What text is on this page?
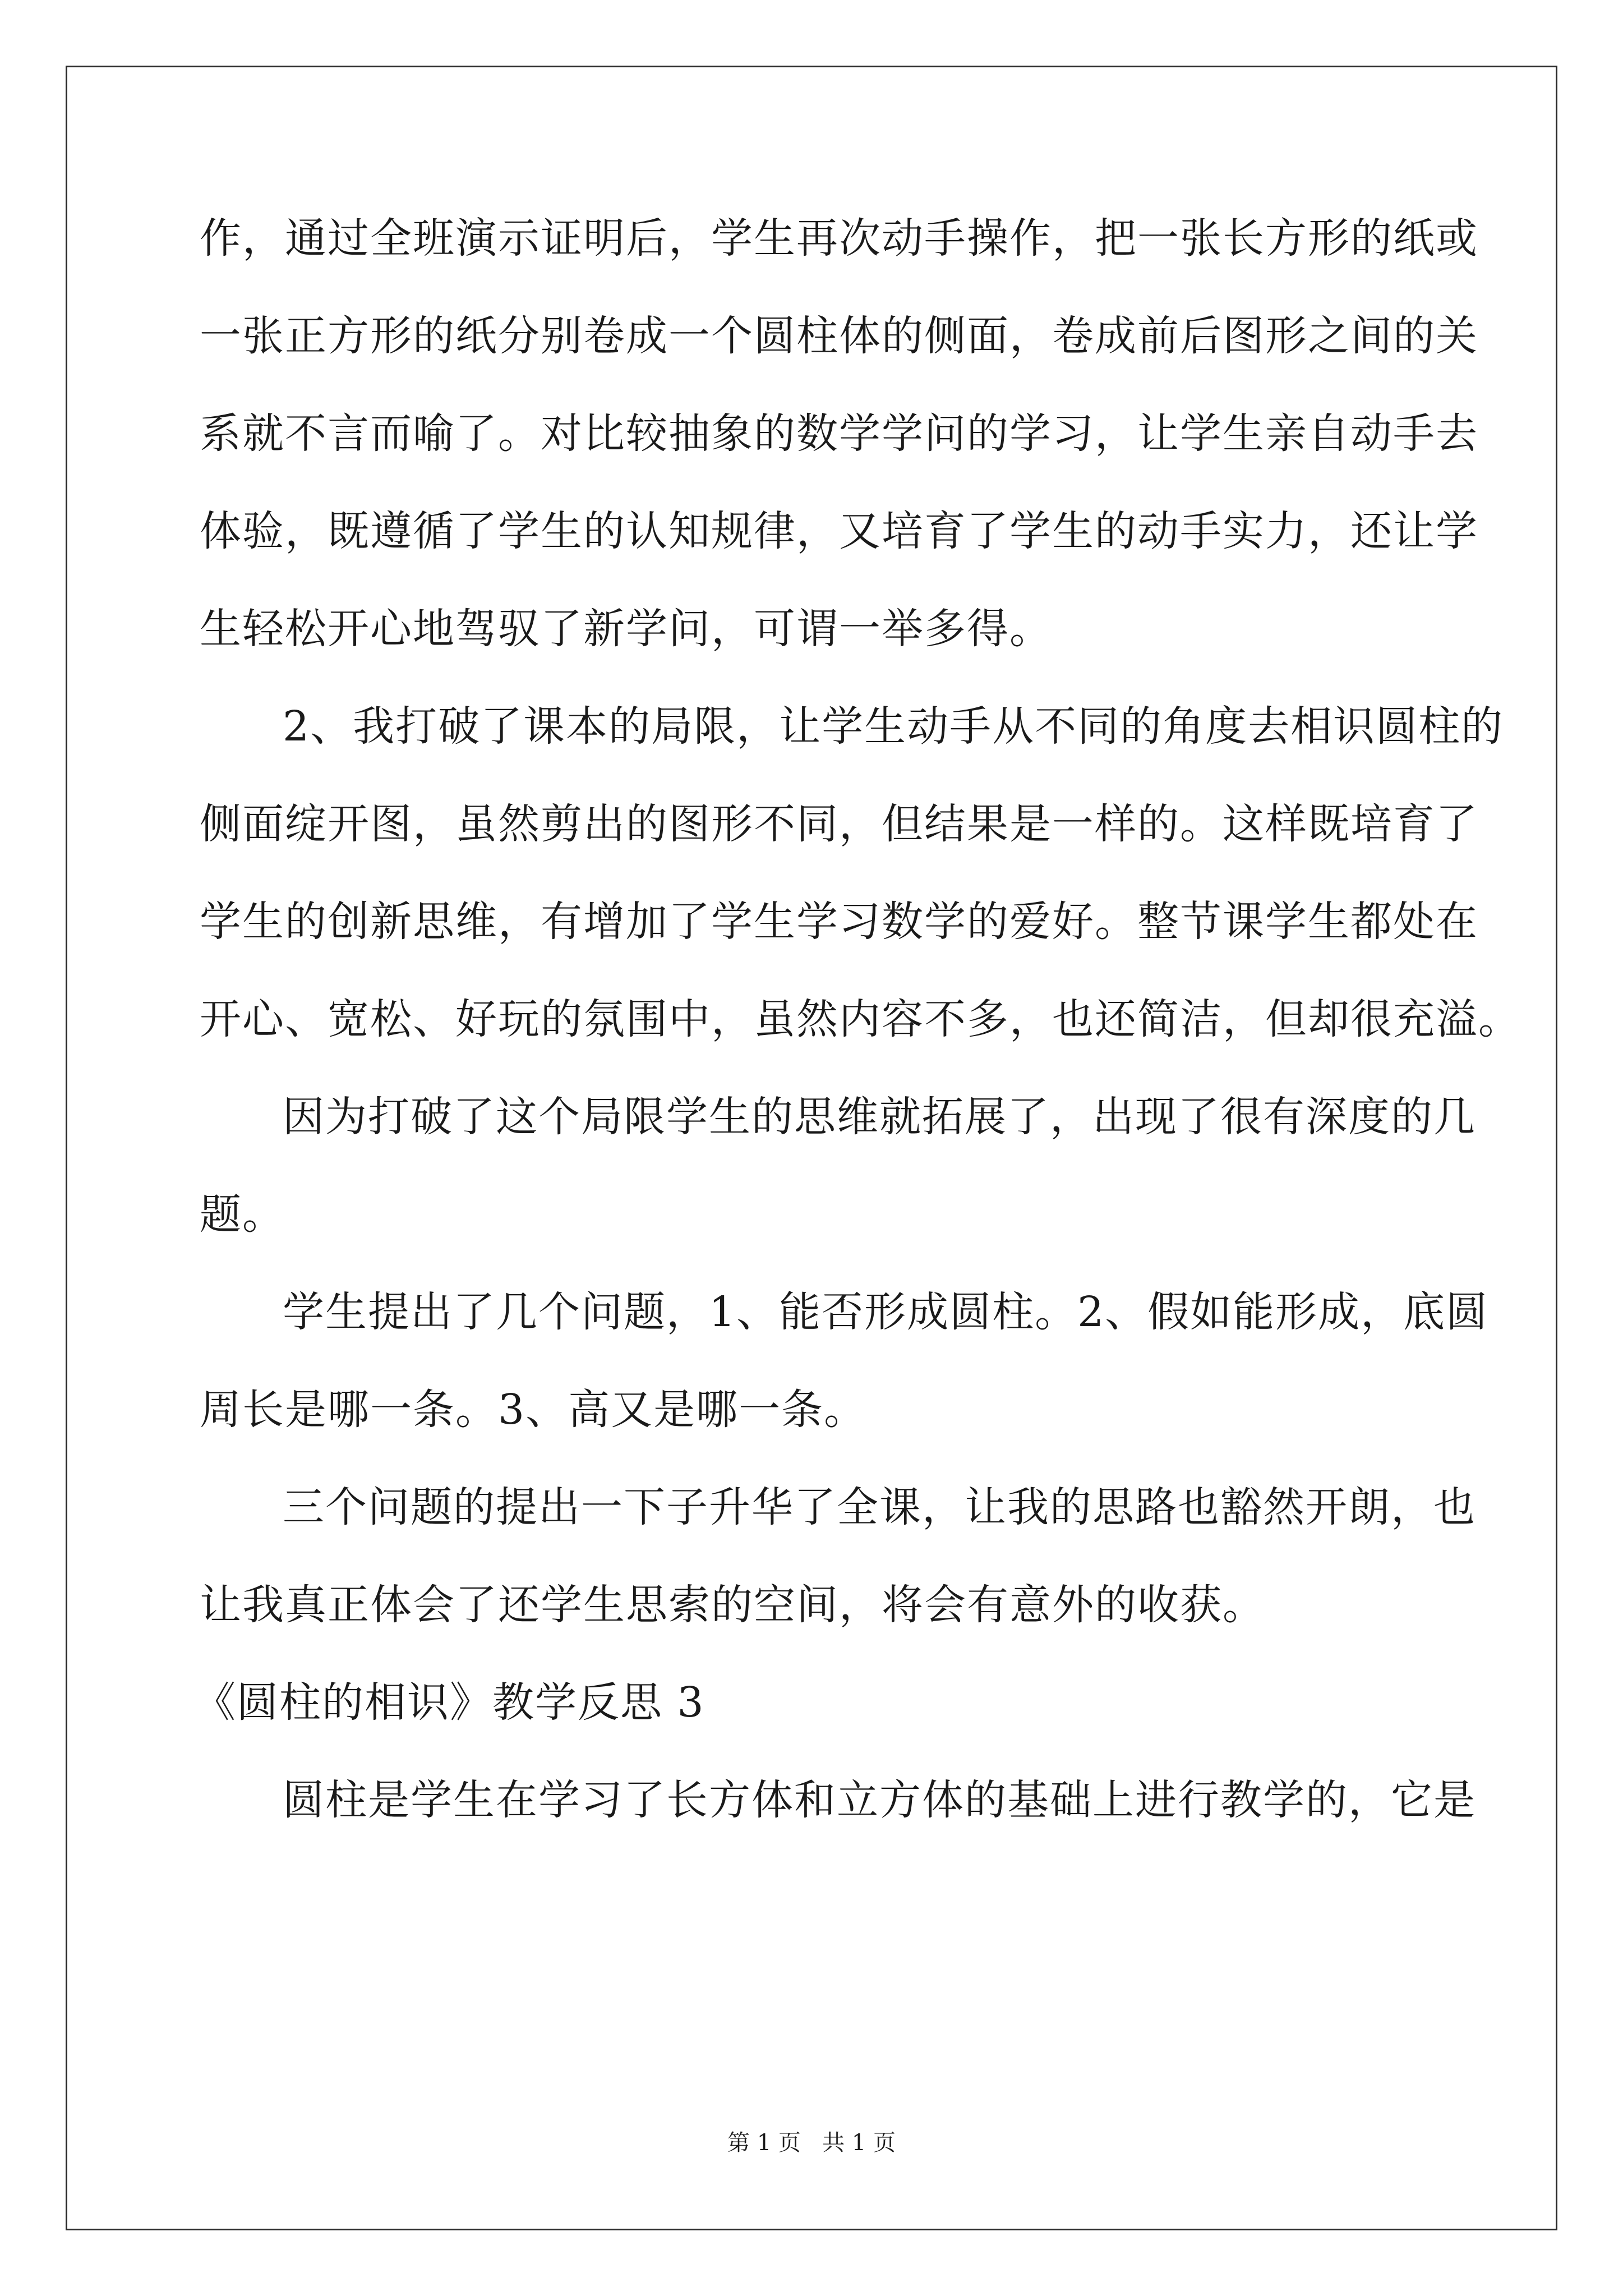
作，通过全班演示证明后，学生再次动手操作，把一张长方形的纸或
一张正方形的纸分别卷成一个圆柱体的侧面，卷成前后图形之间的关
系就不言而喻了。对比较抽象的数学学问的学习，让学生亲自动手去
体验，既遵循了学生的认知规律，又培育了学生的动手实力，还让学
生轻松开心地驾驭了新学问，可谓一举多得。
2、我打破了课本的局限，让学生动手从不同的角度去相识圆柱的
侧面绽开图，虽然剪出的图形不同，但结果是一样的。这样既培育了
学生的创新思维，有增加了学生学习数学的爱好。整节课学生都处在
开心、宽松、好玩的氛围中，虽然内容不多，也还简洁，但却很充溢。
因为打破了这个局限学生的思维就拓展了，出现了很有深度的几
题。
学生提出了几个问题，1、能否形成圆柱。2、假如能形成，底圆
周长是哪一条。3、高又是哪一条。
三个问题的提出一下子升华了全课，让我的思路也豁然开朗，也
让我真正体会了还学生思索的空间，将会有意外的收获。
《圆柱的相识》教学反思 3
圆柱是学生在学习了长方体和立方体的基础上进行教学的，它是
第 1 页   共 1 页
